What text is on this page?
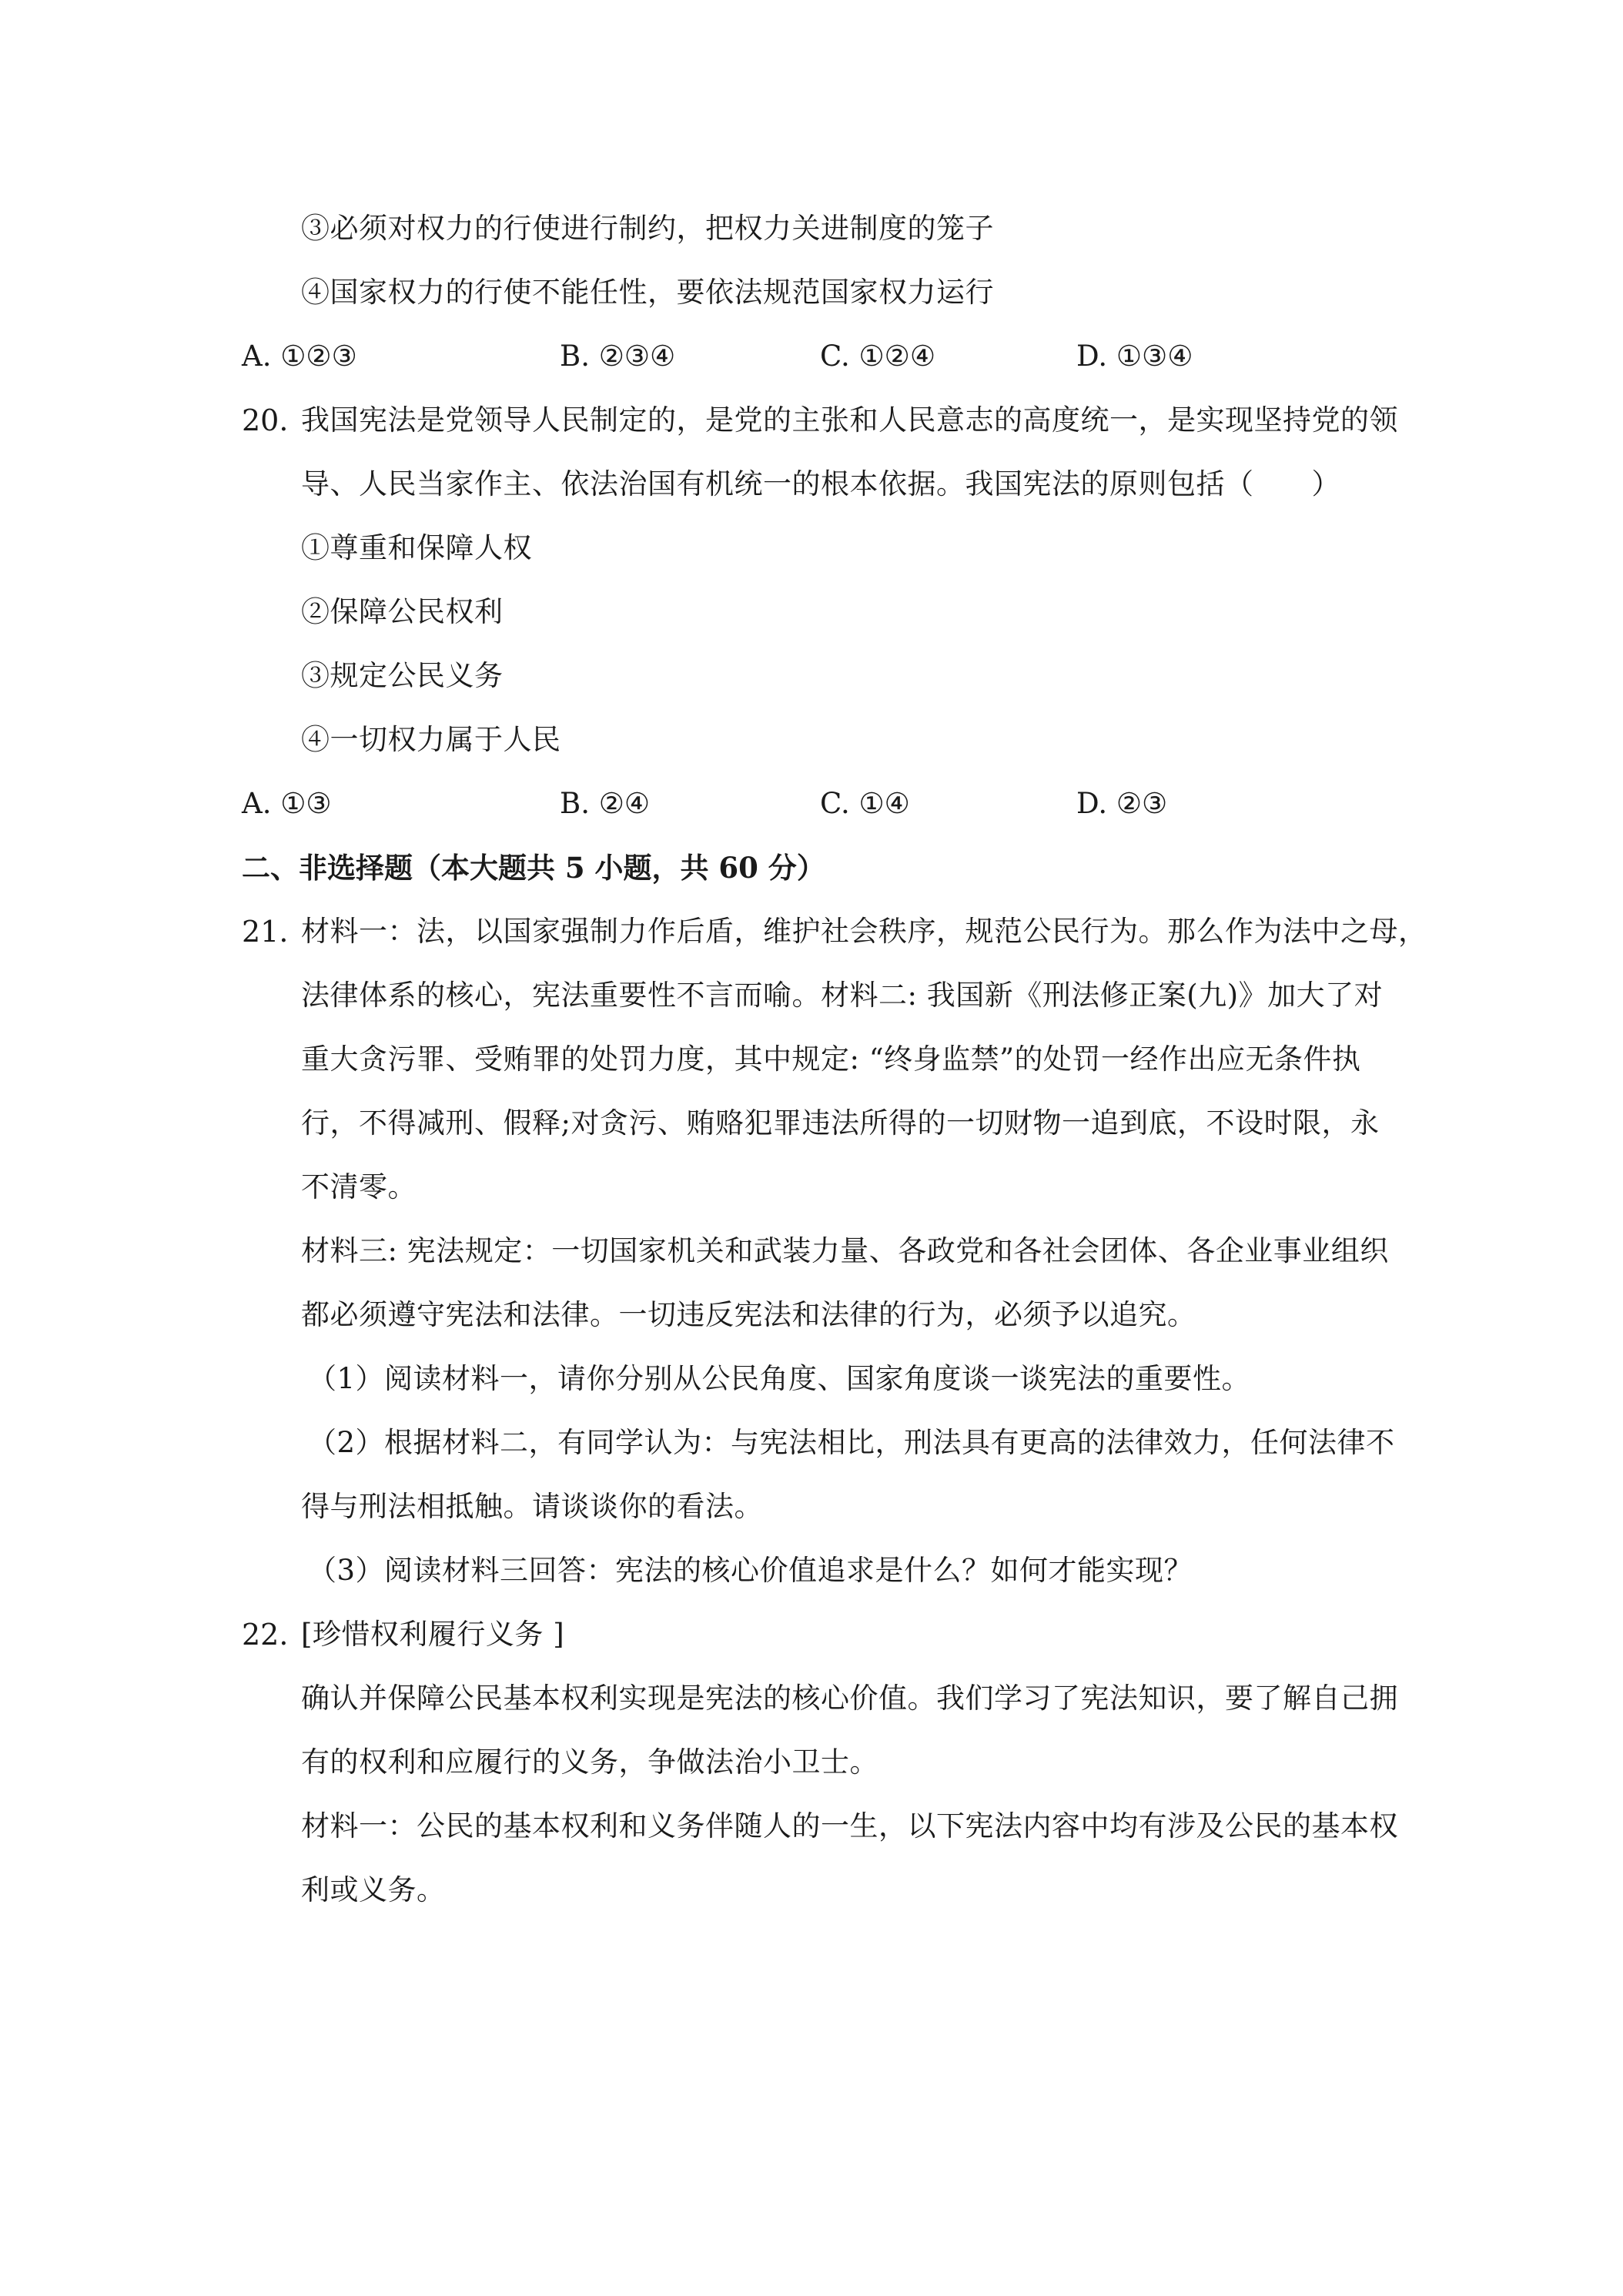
③必须对权力的行使进行制约，把权力关进制度的笼子
④国家权力的行使不能任性，要依法规范国家权力运行
A. ①②③	B. ②③④	C. ①②④	D. ①③④
20. 我国宪法是党领导人民制定的，是党的主张和人民意志的高度统一，是实现坚持党的领
导、人民当家作主、依法治国有机统一的根本依据。我国宪法的原则包括（　　）
①尊重和保障人权
②保障公民权利
③规定公民义务
④一切权力属于人民
A. ①③	B. ②④	C. ①④	D. ②③
二、非选择题（本大题共 5 小题，共 60 分）
21. 材料一：法，以国家强制力作后盾，维护社会秩序，规范公民行为。那么作为法中之母，
法律体系的核心，宪法重要性不言而喻。材料二: 我国新《刑法修正案(九)》加大了对
重大贪污罪、受贿罪的处罚力度，其中规定: “终身监禁”的处罚一经作出应无条件执
行，不得减刑、假释;对贪污、贿赂犯罪违法所得的一切财物一追到底，不设时限，永
不清零。
材料三: 宪法规定：一切国家机关和武装力量、各政党和各社会团体、各企业事业组织
都必须遵守宪法和法律。一切违反宪法和法律的行为，必须予以追究。
（1）阅读材料一，请你分别从公民角度、国家角度谈一谈宪法的重要性。
（2）根据材料二，有同学认为：与宪法相比，刑法具有更高的法律效力，任何法律不
得与刑法相抵触。请谈谈你的看法。
（3）阅读材料三回答：宪法的核心价值追求是什么？如何才能实现？
22. [珍惜权利履行义务 ]
确认并保障公民基本权利实现是宪法的核心价值。我们学习了宪法知识，要了解自己拥
有的权利和应履行的义务，争做法治小卫士。
材料一：公民的基本权利和义务伴随人的一生，以下宪法内容中均有涉及公民的基本权
利或义务。
